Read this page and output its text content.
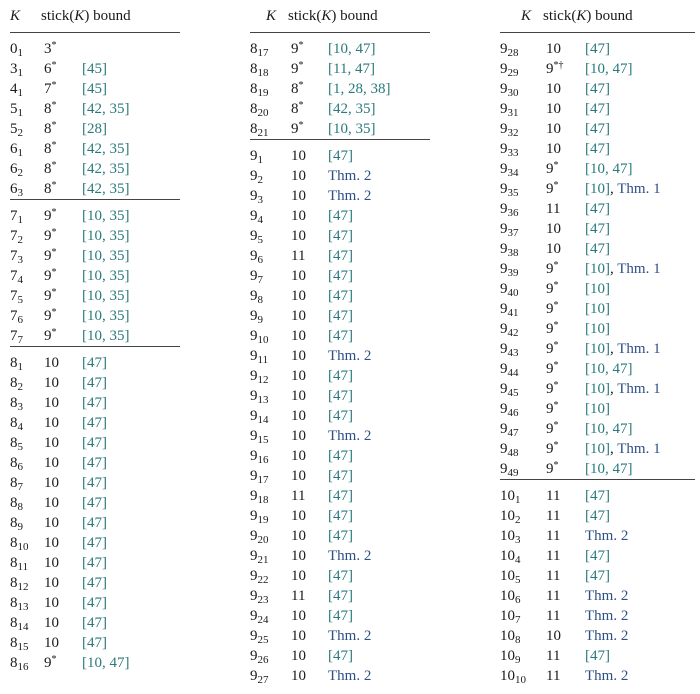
K stick(K) bound
$0_1$ 3*
$3_1$ 6* [45]
$4_1$ 7* [45]
$5_1$ 8* [42, 35]
$5_2$ 8* [28]
$6_1$ 8* [42, 35]
$6_2$ 8* [42, 35]
$6_3$ 8* [42, 35]
$7_1$ 9* [10, 35]
$7_2$ 9* [10, 35]
$7_3$ 9* [10, 35]
$7_4$ 9* [10, 35]
$7_5$ 9* [10, 35]
$7_6$ 9* [10, 35]
$7_7$ 9* [10, 35]
$8_1$ 10 [47]
$8_2$ 10 [47]
$8_3$ 10 [47]
$8_4$ 10 [47]
$8_5$ 10 [47]
$8_6$ 10 [47]
$8_7$ 10 [47]
$8_8$ 10 [47]
$8_9$ 10 [47]
$8_{10}$ 10 [47]
$8_{11}$ 10 [47]
$8_{12}$ 10 [47]
$8_{13}$ 10 [47]
$8_{14}$ 10 [47]
$8_{15}$ 10 [47]
$8_{16}$ 9* [10, 47]
K stick(K) bound
$8_{17}$ 9* [10, 47]
$8_{18}$ 9* [11, 47]
$8_{19}$ 8* [1, 28, 38]
$8_{20}$ 8* [42, 35]
$8_{21}$ 9* [10, 35]
$9_1$ 10 [47]
$9_2$ 10 Thm. 2
$9_3$ 10 Thm. 2
$9_4$ 10 [47]
$9_5$ 10 [47]
$9_6$ 11 [47]
$9_7$ 10 [47]
$9_8$ 10 [47]
$9_9$ 10 [47]
$9_{10}$ 10 [47]
$9_{11}$ 10 Thm. 2
$9_{12}$ 10 [47]
$9_{13}$ 10 [47]
$9_{14}$ 10 [47]
$9_{15}$ 10 Thm. 2
$9_{16}$ 10 [47]
$9_{17}$ 10 [47]
$9_{18}$ 11 [47]
$9_{19}$ 10 [47]
$9_{20}$ 10 [47]
$9_{21}$ 10 Thm. 2
$9_{22}$ 10 [47]
$9_{23}$ 11 [47]
$9_{24}$ 10 [47]
$9_{25}$ 10 Thm. 2
$9_{26}$ 10 [47]
$9_{27}$ 10 Thm. 2
K stick(K) bound
$9_{28}$ 10 [47]
$9_{29}$ 9*† [10, 47]
$9_{30}$ 10 [47]
$9_{31}$ 10 [47]
$9_{32}$ 10 [47]
$9_{33}$ 10 [47]
$9_{34}$ 9* [10, 47]
$9_{35}$ 9* [10], Thm. 1
$9_{36}$ 11 [47]
$9_{37}$ 10 [47]
$9_{38}$ 10 [47]
$9_{39}$ 9* [10], Thm. 1
$9_{40}$ 9* [10]
$9_{41}$ 9* [10]
$9_{42}$ 9* [10]
$9_{43}$ 9* [10], Thm. 1
$9_{44}$ 9* [10, 47]
$9_{45}$ 9* [10], Thm. 1
$9_{46}$ 9* [10]
$9_{47}$ 9* [10, 47]
$9_{48}$ 9* [10], Thm. 1
$9_{49}$ 9* [10, 47]
$10_1$ 11 [47]
$10_2$ 11 [47]
$10_3$ 11 Thm. 2
$10_4$ 11 [47]
$10_5$ 11 [47]
$10_6$ 11 Thm. 2
$10_7$ 11 Thm. 2
$10_8$ 10 Thm. 2
$10_9$ 11 [47]
$10_{10}$ 11 Thm. 2
